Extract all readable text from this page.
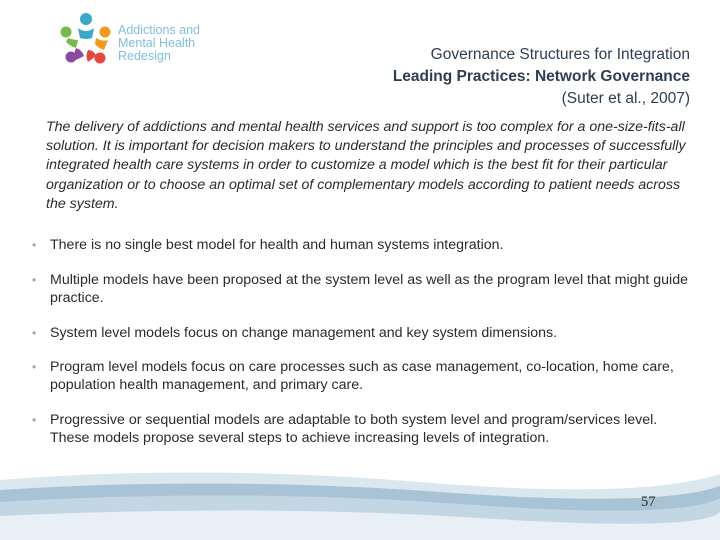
Addictions and
Mental Health
Redesign	Governance Structures for Integration
Leading Practices: Network Governance
(Suter et al., 2007)
The delivery of addictions and mental health services and support is too complex for a one-size-fits-all solution. It is important for decision makers to understand the principles and processes of successfully integrated health care systems in order to customize a model which is the best fit for their particular organization or to choose an optimal set of complementary models according to patient needs across the system.
• There is no single best model for health and human systems integration.
• Multiple models have been proposed at the system level as well as the program level that might guide practice.
• System level models focus on change management and key system dimensions.
• Program level models focus on care processes such as case management, co-location, home care, population health management, and primary care.
• Progressive or sequential models are adaptable to both system level and program/services level. These models propose several steps to achieve increasing levels of integration.
57
